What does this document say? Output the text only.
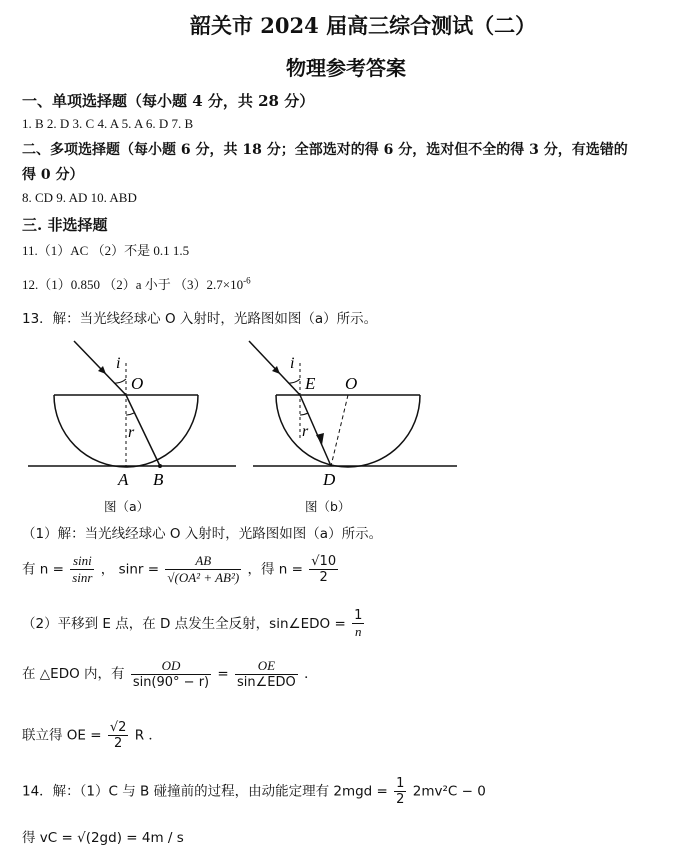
韶关市 2024 届高三综合测试（二）
物理参考答案
一、单项选择题（每小题 4 分，共 28 分）
1. B 2. D 3. C 4. A 5. A 6. D 7. B
二、多项选择题（每小题 6 分，共 18 分；全部选对的得 6 分，选对但不全的得 3 分，有选错的
得 0 分）
8. CD 9. AD 10. ABD
三. 非选择题
11.（1）AC （2）不是 0.1 1.5
12.（1）0.850 （2）a 小于 $(3)2.7\times 10^{-6}$
13．解：当光线经球心 O 入射时，光路图如图（a）所示。
i
O
r
A B
图（a）
i
E O
r
D
图（b）
（1）解：当光线经球心 O 入射时，光路图如图（a）所示。
有 $n = \frac{\sin i}{\sin r}$ ， $\sin r = \frac{AB}{\text{√(OA² + AB²)}}$ ，得 $n = \frac{√10}{2}$
（2）平移到 E 点，在 D 点发生全反射，sin∠EDO = $\frac{1}{n}$
在 △EDO 内，有 $\frac{OD}{\sin(90^\circ - r)} = \frac{OE}{\text{sin∠EDO}}$ ．
联立得 OE = $\frac{√2}{2}$ R ．
14．解：（1）C 与 B 碰撞前的过程，由动能定理有 $2mgd = \frac{1}{2} 2mv^2C - 0$
得 vC = √(2gd) = 4m / s
